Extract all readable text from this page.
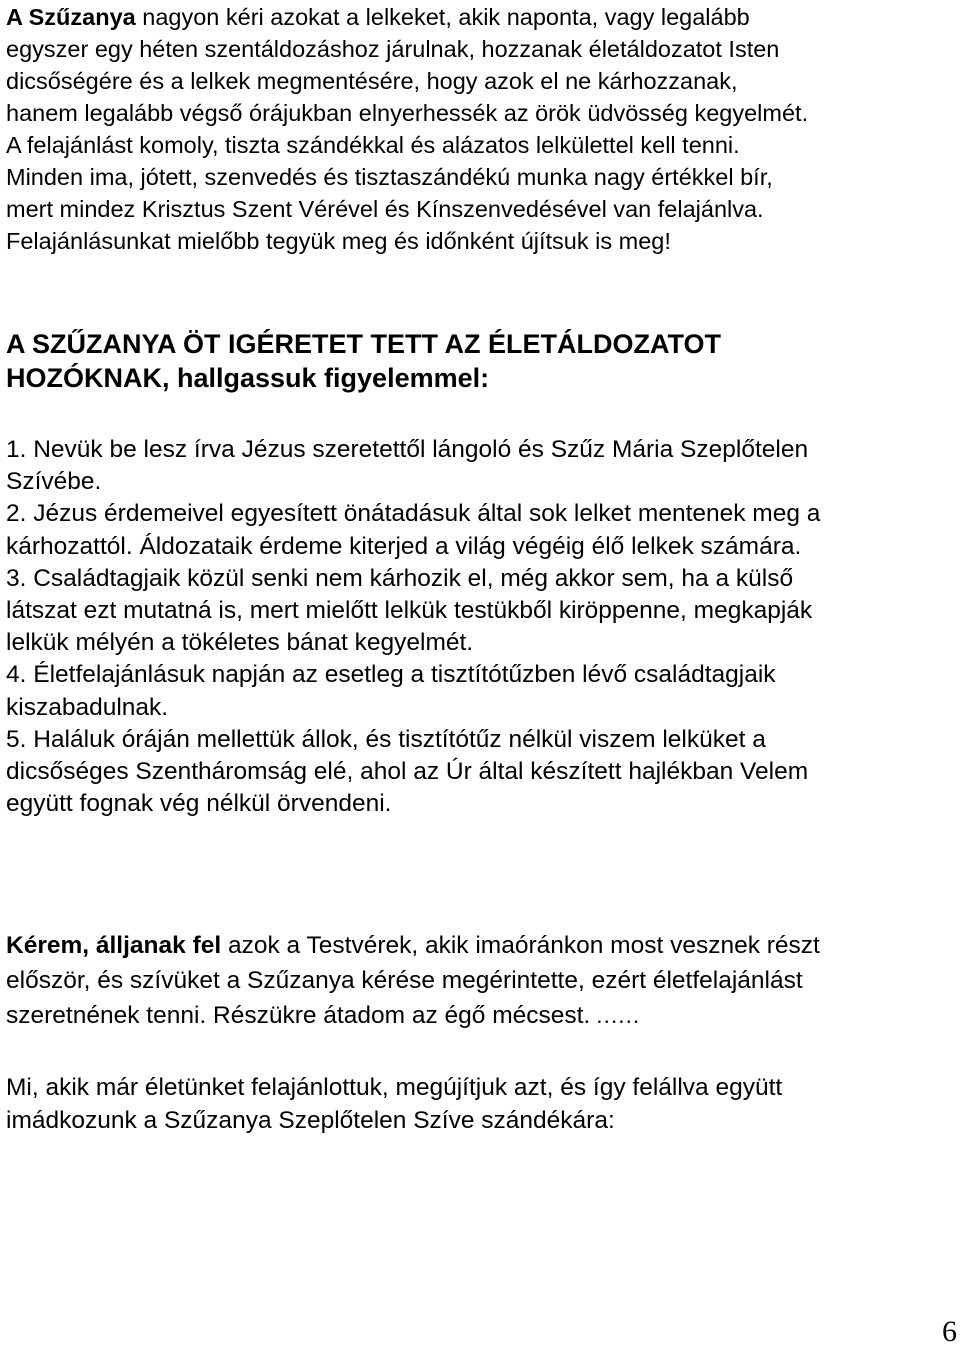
A Szűzanya nagyon kéri azokat a lelkeket, akik naponta, vagy legalább
egyszer egy héten szentáldozáshoz járulnak, hozzanak életáldozatot Isten
dicsőségére és a lelkek megmentésére, hogy azok el ne kárhozzanak,
hanem legalább végső órájukban elnyerhessék az örök üdvösség kegyelmét.
A felajánlást komoly, tiszta szándékkal és alázatos lelkülettel kell tenni.
Minden ima, jótett, szenvedés és tisztaszándékú munka nagy értékkel bír,
mert mindez Krisztus Szent Vérével és Kínszenvedésével van felajánlva.
Felajánlásunkat mielőbb tegyük meg és időnként újítsuk is meg!
A SZŰZANYA ÖT IGÉRETET TETT AZ ÉLETÁLDOZATOT
HOZÓKNAK, hallgassuk figyelemmel:
1. Nevük be lesz írva Jézus szeretettől lángoló és Szűz Mária Szeplőtelen
Szívébe.
2. Jézus érdemeivel egyesített önátadásuk által sok lelket mentenek meg a
kárhozattól. Áldozataik érdeme kiterjed a világ végéig élő lelkek számára.
3. Családtagjaik közül senki nem kárhozik el, még akkor sem, ha a külső
látszat ezt mutatná is, mert mielőtt lelkük testükből kiröppenne, megkapják
lelkük mélyén a tökéletes bánat kegyelmét.
4. Életfelajánlásuk napján az esetleg a tisztítótűzben lévő családtagjaik
kiszabadulnak.
5. Haláluk óráján mellettük állok, és tisztítótűz nélkül viszem lelküket a
dicsőséges Szentháromság elé, ahol az Úr által készített hajlékban Velem
együtt fognak vég nélkül örvendeni.
Kérem, álljanak fel azok a Testvérek, akik imaóránkon most vesznek részt
először, és szívüket a Szűzanya kérése megérintette, ezért életfelajánlást
szeretnének tenni. Részükre átadom az égő mécsest. ……
Mi, akik már életünket felajánlottuk, megújítjuk azt, és így felállva együtt
imádkozunk a Szűzanya Szeplőtelen Szíve szándékára:
6
